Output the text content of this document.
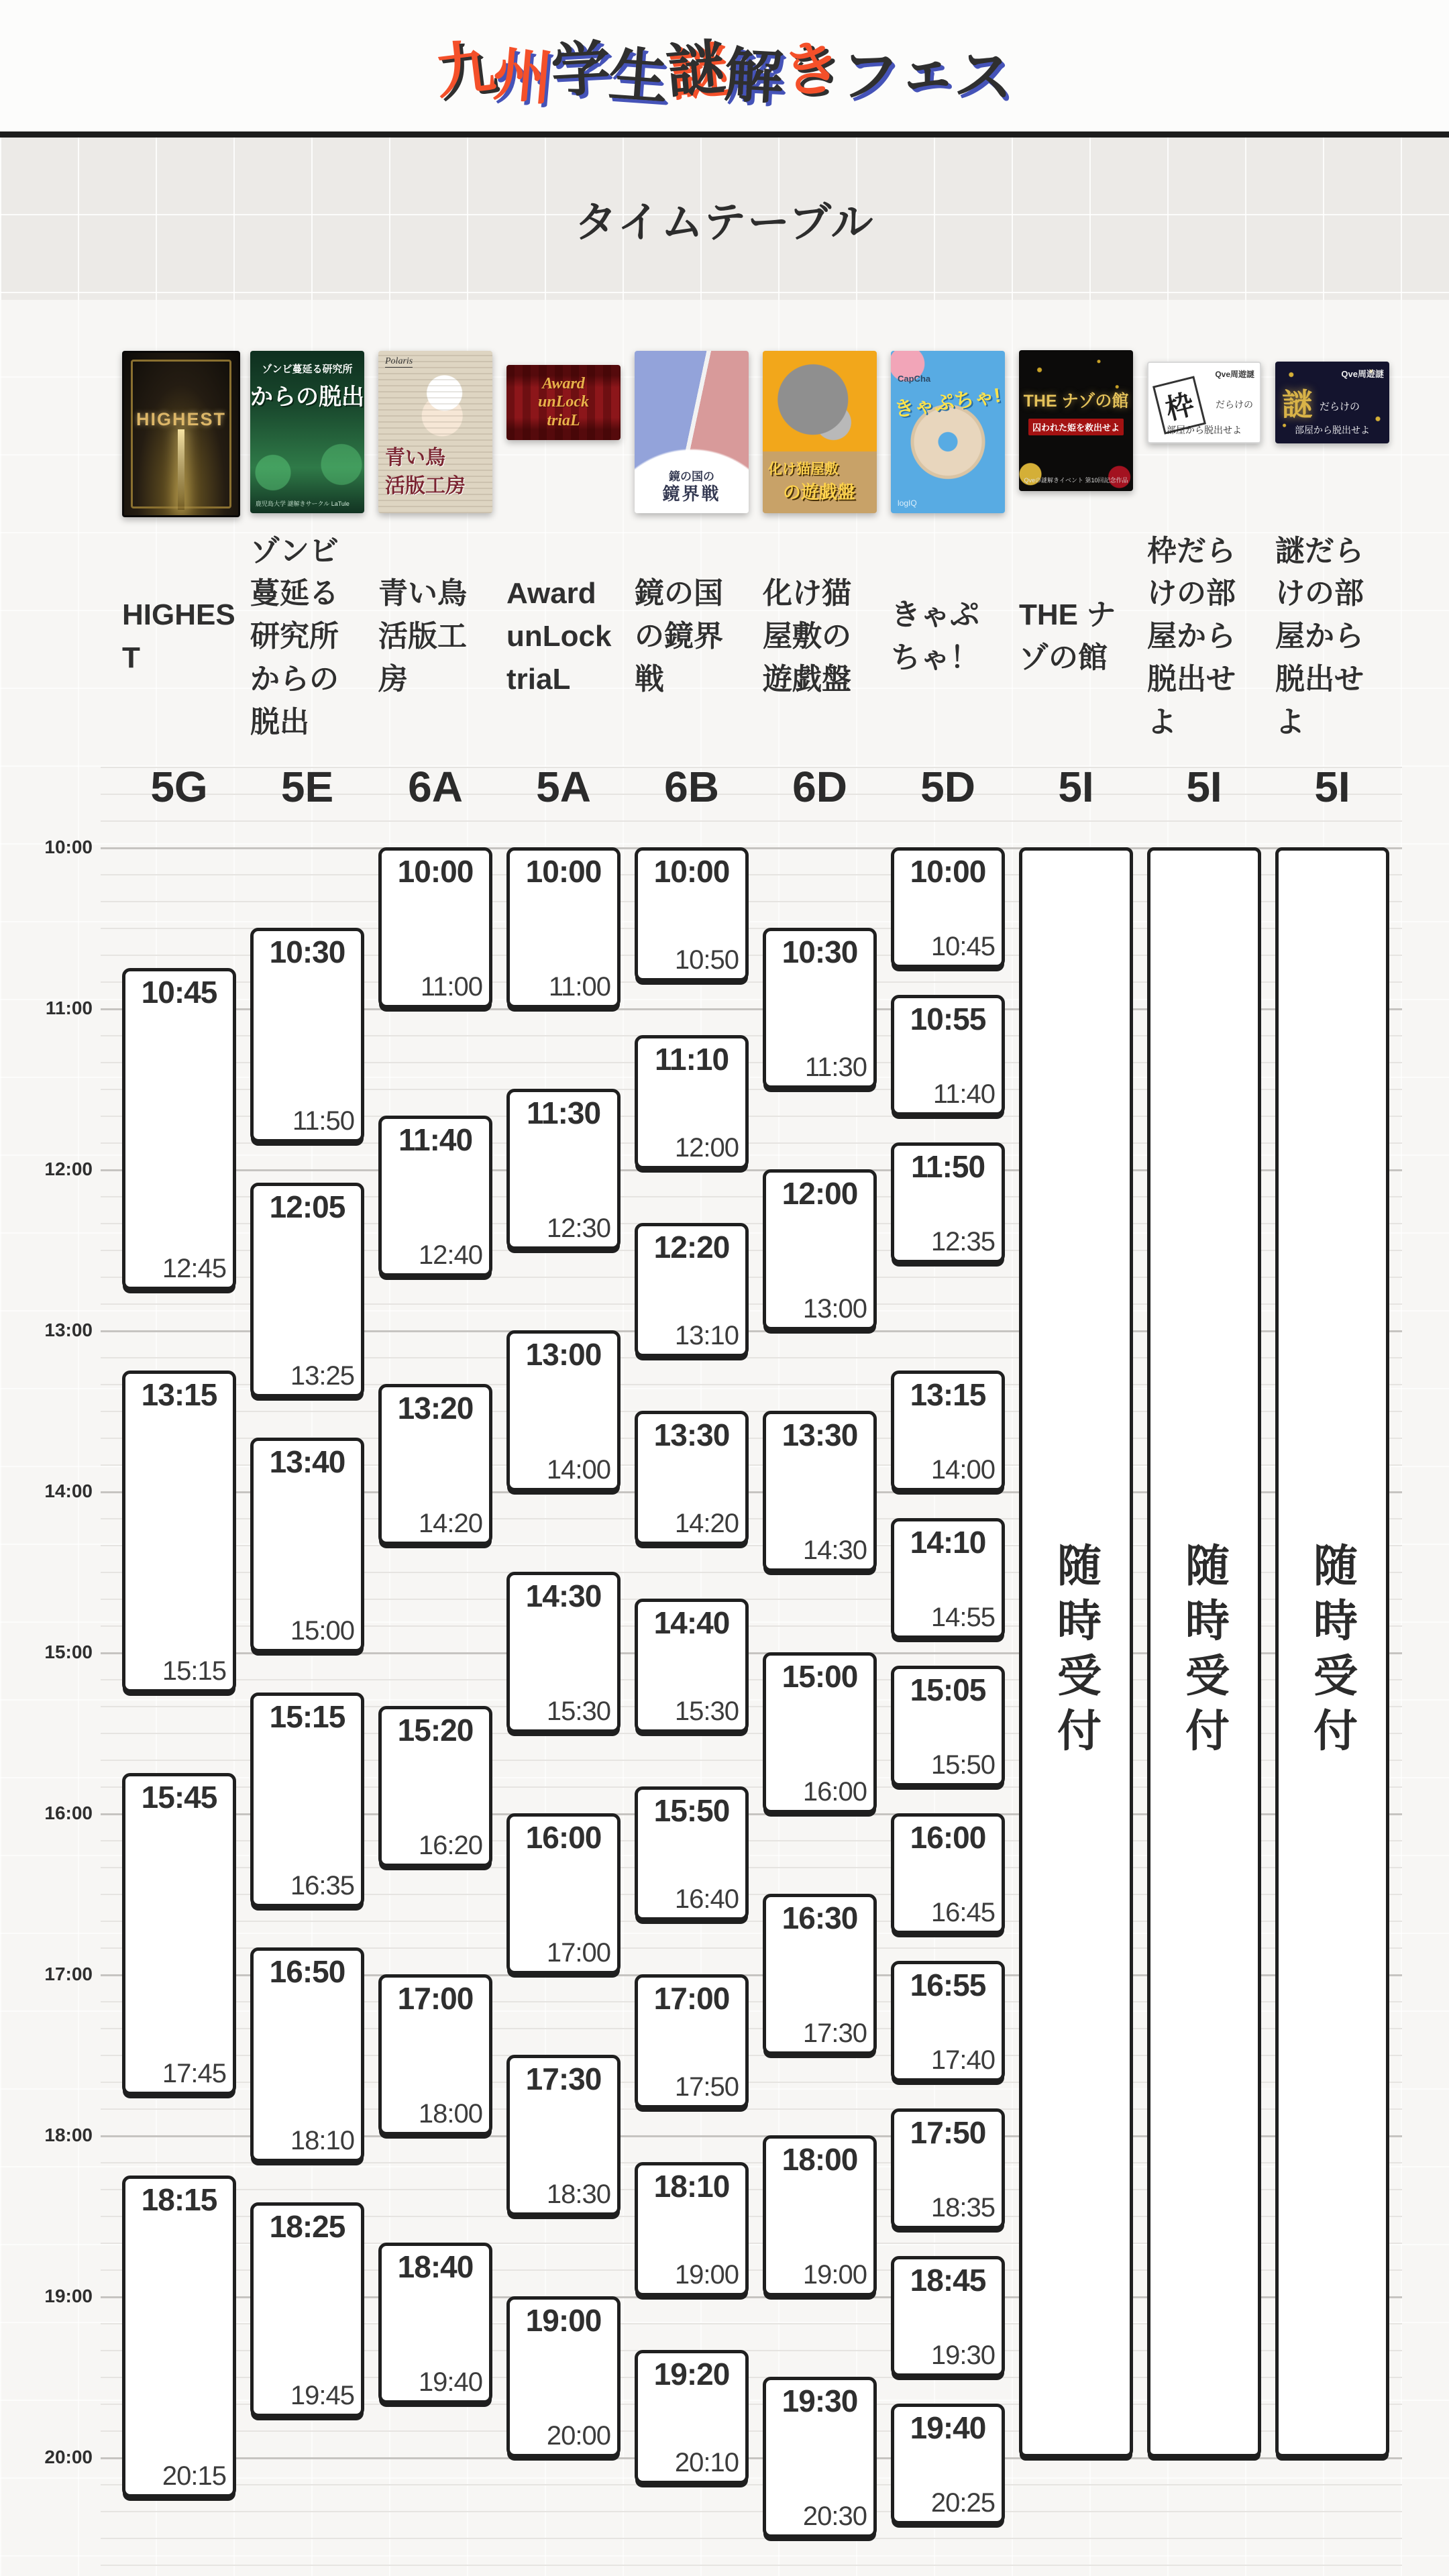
九
州
学
生
謎
解
き
フ
ェ
ス
タイムテーブル
10:00
11:00
12:00
13:00
14:00
15:00
16:00
17:00
18:00
19:00
20:00
HIGHEST
HIGHEST
5G
10:45
12:45
13:15
15:15
15:45
17:45
18:15
20:15
ゾンビ蔓延る研究所
からの脱出
鹿児島大学 謎解きサークル LaTule
ゾンビ蔓延る研究所からの脱出
5E
10:30
11:50
12:05
13:25
13:40
15:00
15:15
16:35
16:50
18:10
18:25
19:45
Polaris
青い鳥
活版工房
青い鳥活版工房
6A
10:00
11:00
11:40
12:40
13:20
14:20
15:20
16:20
17:00
18:00
18:40
19:40
Award
unLock
triaL
Award unLock triaL
5A
10:00
11:00
11:30
12:30
13:00
14:00
14:30
15:30
16:00
17:00
17:30
18:30
19:00
20:00
鏡の国の
鏡界戦
鏡の国の鏡界戦
6B
10:00
10:50
11:10
12:00
12:20
13:10
13:30
14:20
14:40
15:30
15:50
16:40
17:00
17:50
18:10
19:00
19:20
20:10
化け猫屋敷
の遊戯盤
化け猫屋敷の遊戯盤
6D
10:30
11:30
12:00
13:00
13:30
14:30
15:00
16:00
16:30
17:30
18:00
19:00
19:30
20:30
CapCha
きゃぷちゃ!
logIQ
きゃぷちゃ！
5D
10:00
10:45
10:55
11:40
11:50
12:35
13:15
14:00
14:10
14:55
15:05
15:50
16:00
16:45
16:55
17:40
17:50
18:35
18:45
19:30
19:40
20:25
THE ナゾの館
囚われた姫を救出せよ
Qveの謎解きイベント 第10回記念作品
THE ナゾの館
5I
随時受付
Qve周遊謎
枠	だらけの
部屋から脱出せよ
枠だらけの部屋から脱出せよ
5I
随時受付
Qve周遊謎
謎 だらけの
部屋から脱出せよ
謎だらけの部屋から脱出せよ
5I
随時受付
